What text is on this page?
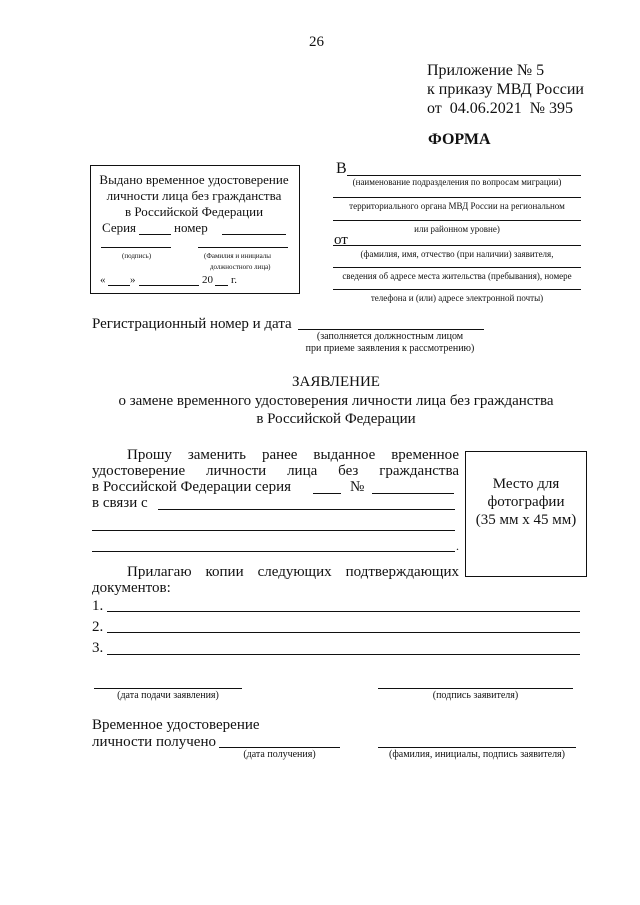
26
Приложение № 5
к приказу МВД России
от 04.06.2021 № 395
ФОРМА
Выдано временное удостоверение
личности лица без гражданства
в Российской Федерации
Серия	номер
(подпись)	(Фамилия и инициалы
должностного лица)
« »	20 г.
В
(наименование подразделения по вопросам миграции)
территориального органа МВД России на региональном
или районном уровне)
от
(фамилия, имя, отчество (при наличии) заявителя,
сведения об адресе места жительства (пребывания), номере
телефона и (или) адресе электронной почты)
Регистрационный номер и дата
(заполняется должностным лицом
при приеме заявления к рассмотрению)
ЗАЯВЛЕНИЕ
о замене временного удостоверения личности лица без гражданства
в Российской Федерации
Прошу заменить ранее выданное временное
удостоверение личности лица без гражданства
в Российской Федерации серия	№
в связи с
.
Место для
фотографии
(35 мм х 45 мм)
Прилагаю копии следующих подтверждающих
документов:
1.
2.
3.
(дата подачи заявления)	(подпись заявителя)
Временное удостоверение
личности получено
(дата получения)	(фамилия, инициалы, подпись заявителя)
